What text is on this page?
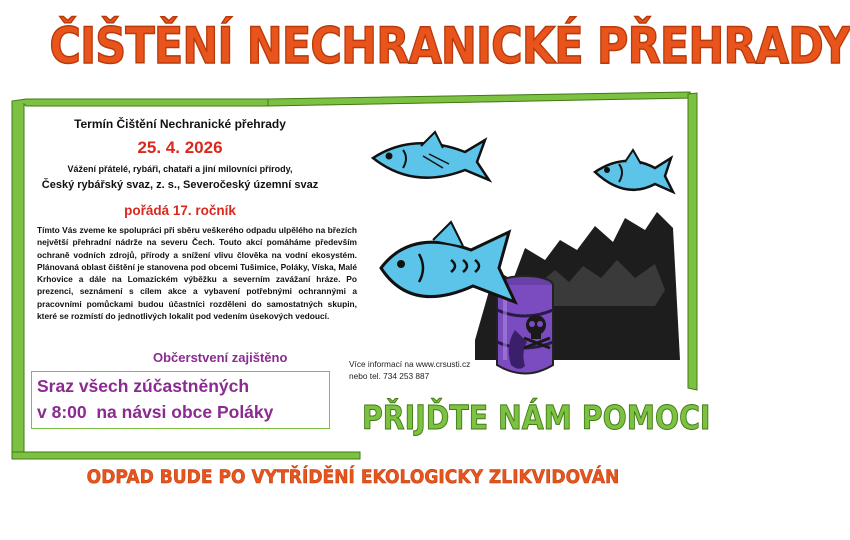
ČIŠTĚNÍ NECHRANICKÉ PŘEHRADY
Termín Čištění Nechranické přehrady
25. 4. 2026
Vážení přátelé, rybáři, chataři a jiní milovníci přírody,
Český rybářský svaz, z. s., Severočeský územní svaz
pořádá 17. ročník
Tímto Vás zveme ke spolupráci při sběru veškerého odpadu ulpělého na březích největší přehradní nádrže na severu Čech. Touto akcí pomáháme především ochraně vodních zdrojů, přírody a snížení vlivu člověka na vodní ekosystém. Plánovaná oblast čištění je stanovena pod obcemi Tušimice, Poláky, Víska, Malé Krhovice a dále na Lomazickém výběžku a severním zavážaní hráze. Po prezenci, seznámení s cílem akce a vybavení potřebnými ochrannými a pracovními pomůckami budou účastníci rozděleni do samostatných skupin, které se rozmístí do jednotlivých lokalit pod vedením úsekových vedoucí.
Občerstvení zajištěno
Sraz všech zúčastněných
v 8:00 na návsi obce Poláky
Více informací na www.crsusti.cz
nebo tel. 734 253 887
PŘIJĎTE NÁM POMOCI
ODPAD BUDE PO VYTŘÍDĚNÍ EKOLOGICKY ZLIKVIDOVÁN
